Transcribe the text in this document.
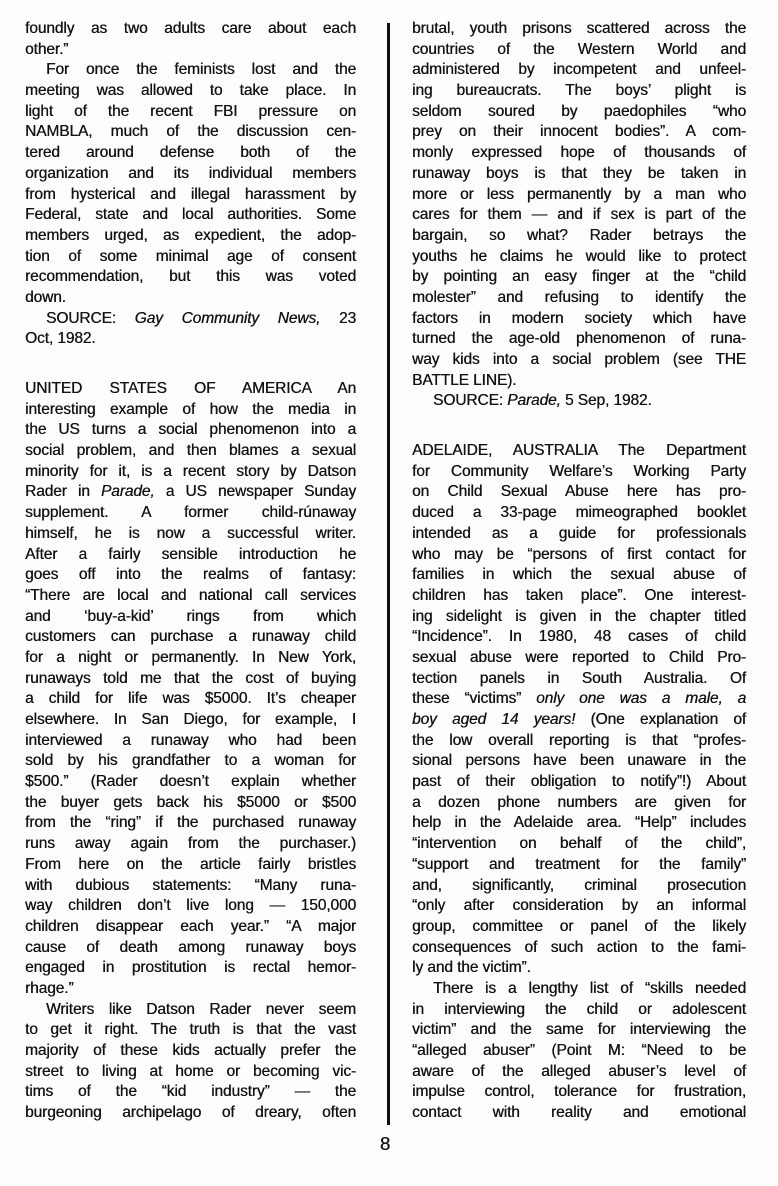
foundly as two adults care about each
other.”
For once the feminists lost and the
meeting was allowed to take place. In
light of the recent FBI pressure on
NAMBLA, much of the discussion cen-
tered around defense both of the
organization and its individual members
from hysterical and illegal harassment by
Federal, state and local authorities. Some
members urged, as expedient, the adop-
tion of some minimal age of consent
recommendation, but this was voted
down.
SOURCE: Gay Community News, 23
Oct, 1982.
UNITED STATES OF AMERICA An
interesting example of how the media in
the US turns a social phenomenon into a
social problem, and then blames a sexual
minority for it, is a recent story by Datson
Rader in Parade, a US newspaper Sunday
supplement. A former child-rúnaway
himself, he is now a successful writer.
After a fairly sensible introduction he
goes off into the realms of fantasy:
“There are local and national call services
and ‘buy-a-kid’ rings from which
customers can purchase a runaway child
for a night or permanently. In New York,
runaways told me that the cost of buying
a child for life was $5000. It’s cheaper
elsewhere. In San Diego, for example, I
interviewed a runaway who had been
sold by his grandfather to a woman for
$500.” (Rader doesn’t explain whether
the buyer gets back his $5000 or $500
from the “ring” if the purchased runaway
runs away again from the purchaser.)
From here on the article fairly bristles
with dubious statements: “Many runa-
way children don’t live long — 150,000
children disappear each year.” “A major
cause of death among runaway boys
engaged in prostitution is rectal hemor-
rhage.”
Writers like Datson Rader never seem
to get it right. The truth is that the vast
majority of these kids actually prefer the
street to living at home or becoming vic-
tims of the “kid industry” — the
burgeoning archipelago of dreary, often
brutal, youth prisons scattered across the
countries of the Western World and
administered by incompetent and unfeel-
ing bureaucrats. The boys’ plight is
seldom soured by paedophiles “who
prey on their innocent bodies”. A com-
monly expressed hope of thousands of
runaway boys is that they be taken in
more or less permanently by a man who
cares for them — and if sex is part of the
bargain, so what? Rader betrays the
youths he claims he would like to protect
by pointing an easy finger at the “child
molester” and refusing to identify the
factors in modern society which have
turned the age-old phenomenon of runa-
way kids into a social problem (see THE
BATTLE LINE).
SOURCE: Parade, 5 Sep, 1982.
ADELAIDE, AUSTRALIA The Department
for Community Welfare’s Working Party
on Child Sexual Abuse here has pro-
duced a 33-page mimeographed booklet
intended as a guide for professionals
who may be “persons of first contact for
families in which the sexual abuse of
children has taken place”. One interest-
ing sidelight is given in the chapter titled
“Incidence”. In 1980, 48 cases of child
sexual abuse were reported to Child Pro-
tection panels in South Australia. Of
these “victims” only one was a male, a
boy aged 14 years! (One explanation of
the low overall reporting is that “profes-
sional persons have been unaware in the
past of their obligation to notify”!) About
a dozen phone numbers are given for
help in the Adelaide area. “Help” includes
“intervention on behalf of the child”,
“support and treatment for the family”
and, significantly, criminal prosecution
“only after consideration by an informal
group, committee or panel of the likely
consequences of such action to the fami-
ly and the victim”.
There is a lengthy list of “skills needed
in interviewing the child or adolescent
victim” and the same for interviewing the
“alleged abuser” (Point M: “Need to be
aware of the alleged abuser’s level of
impulse control, tolerance for frustration,
contact with reality and emotional
8
